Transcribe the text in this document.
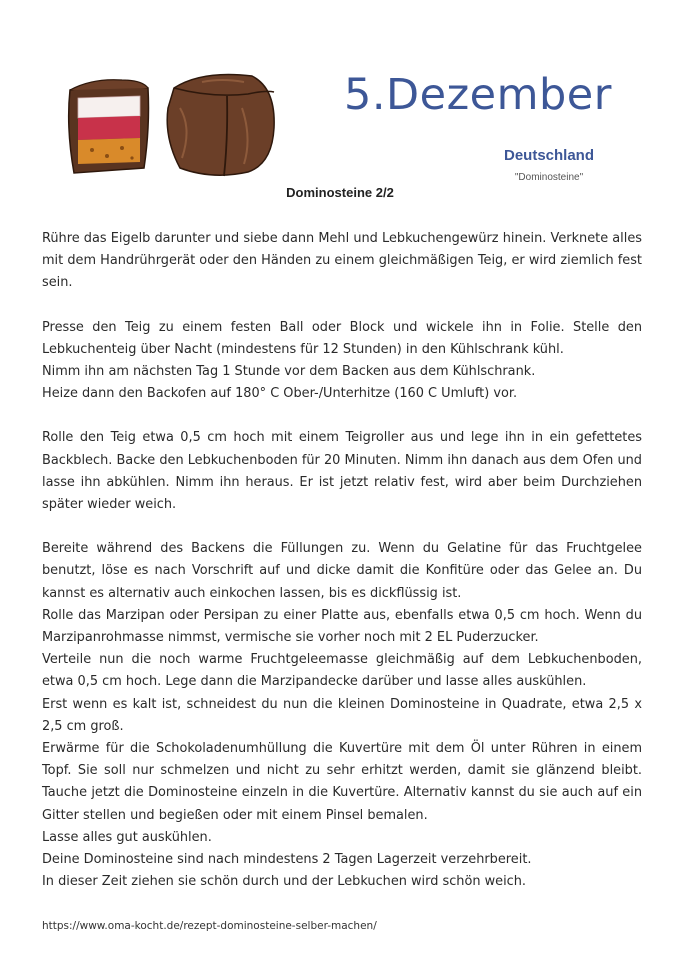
5.Dezember
Deutschland
"Dominosteine"
Dominosteine 2/2

Rühre das Eigelb darunter und siebe dann Mehl und Lebkuchengewürz hinein. Verknete alles mit dem Handrührgerät oder den Händen zu einem gleichmäßigen Teig, er wird ziemlich fest sein.

Presse den Teig zu einem festen Ball oder Block und wickele ihn in Folie. Stelle den Lebkuchenteig über Nacht (mindestens für 12 Stunden) in den Kühlschrank kühl.

Nimm ihn am nächsten Tag 1 Stunde vor dem Backen aus dem Kühlschrank.

Heize dann den Backofen auf 180° C Ober-/Unterhitze (160 C Umluft) vor.

Rolle den Teig etwa 0,5 cm hoch mit einem Teigroller aus und lege ihn in ein gefettetes Backblech. Backe den Lebkuchenboden für 20 Minuten. Nimm ihn danach aus dem Ofen und lasse ihn abkühlen. Nimm ihn heraus. Er ist jetzt relativ fest, wird aber beim Durchziehen später wieder weich.

Bereite während des Backens die Füllungen zu. Wenn du Gelatine für das Fruchtgelee benutzt, löse es nach Vorschrift auf und dicke damit die Konfitüre oder das Gelee an. Du kannst es alternativ auch einkochen lassen, bis es dickflüssig ist.

Rolle das Marzipan oder Persipan zu einer Platte aus, ebenfalls etwa 0,5 cm hoch. Wenn du Marzipanrohmasse nimmst, vermische sie vorher noch mit 2 EL Puderzucker.

Verteile nun die noch warme Fruchtgeleemasse gleichmäßig auf dem Lebkuchenboden, etwa 0,5 cm hoch. Lege dann die Marzipandecke darüber und lasse alles auskühlen.

Erst wenn es kalt ist, schneidest du nun die kleinen Dominosteine in Quadrate, etwa 2,5 x 2,5 cm groß.

Erwärme für die Schokoladenumhüllung die Kuvertüre mit dem Öl unter Rühren in einem Topf. Sie soll nur schmelzen und nicht zu sehr erhitzt werden, damit sie glänzend bleibt. Tauche jetzt die Dominosteine einzeln in die Kuvertüre. Alternativ kannst du sie auch auf ein Gitter stellen und begießen oder mit einem Pinsel bemalen.

Lasse alles gut auskühlen.

Deine Dominosteine sind nach mindestens 2 Tagen Lagerzeit verzehrbereit.

In dieser Zeit ziehen sie schön durch und der Lebkuchen wird schön weich.

https://www.oma-kocht.de/rezept-dominosteine-selber-machen/
